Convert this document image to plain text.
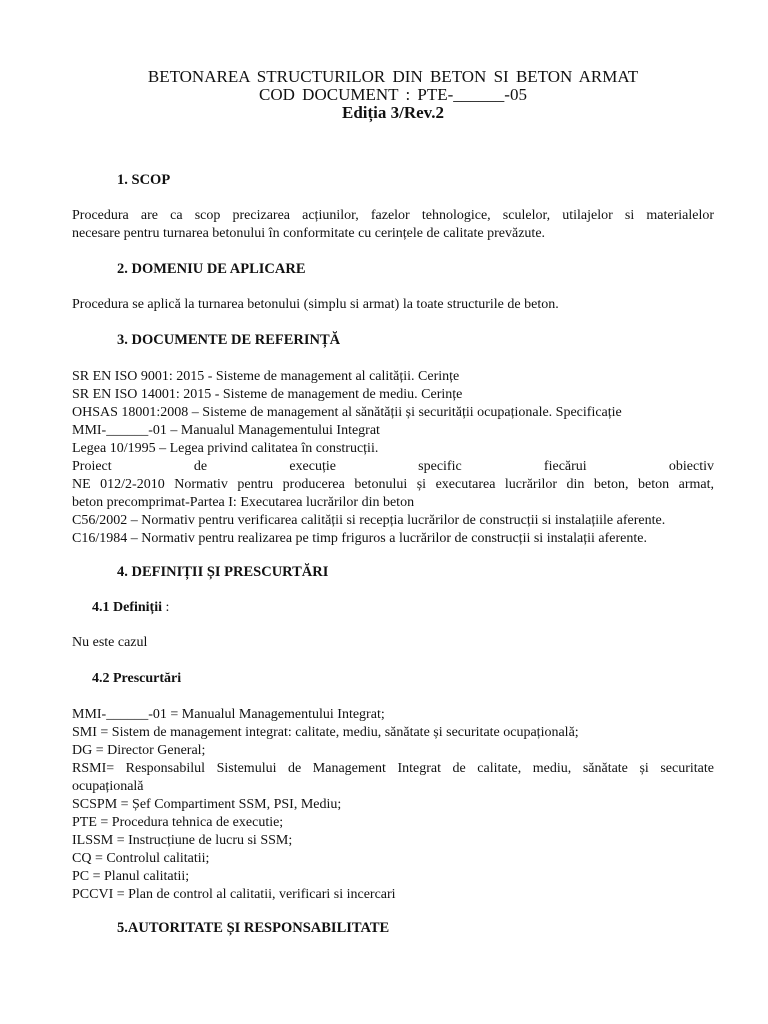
BETONAREA STRUCTURILOR DIN BETON SI BETON ARMAT

COD DOCUMENT : PTE-______-05

Ediția 3/Rev.2

1. SCOP

Procedura are ca scop precizarea acțiunilor, fazelor tehnologice, sculelor, utilajelor si materialelor

necesare pentru turnarea betonului în conformitate cu cerințele de calitate prevăzute.

2. DOMENIU DE APLICARE

Procedura se aplică la turnarea betonului (simplu si armat) la toate structurile de beton.

3. DOCUMENTE DE REFERINȚĂ

SR EN ISO 9001: 2015 - Sisteme de management al calității. Cerințe

SR EN ISO 14001: 2015 - Sisteme de management de mediu. Cerințe

OHSAS 18001:2008 – Sisteme de management al sănătății și securității ocupaționale. Specificație

MMI-______-01 – Manualul Managementului Integrat

Legea 10/1995 – Legea privind calitatea în construcții.

Proiect de execuție specific fiecărui obiectiv

NE 012/2-2010 Normativ pentru producerea betonului și executarea lucrărilor din beton, beton armat,

beton precomprimat-Partea I: Executarea lucrărilor din beton

C56/2002 – Normativ pentru verificarea calității si recepția lucrărilor de construcții si instalațiile aferente.

C16/1984 – Normativ pentru realizarea pe timp friguros a lucrărilor de construcții si instalații aferente.

4. DEFINIȚII ȘI PRESCURTĂRI

4.1 Definiții :

Nu este cazul

4.2 Prescurtări

MMI-______-01 = Manualul Managementului Integrat;

SMI = Sistem de management integrat: calitate, mediu, sănătate și securitate ocupațională;

DG = Director General;

RSMI= Responsabilul Sistemului de Management Integrat de calitate, mediu, sănătate și securitate

ocupațională

SCSPM = Șef Compartiment SSM, PSI, Mediu;

PTE = Procedura tehnica de executie;

ILSSM = Instrucțiune de lucru si SSM;

CQ = Controlul calitatii;

PC = Planul calitatii;

PCCVI = Plan de control al calitatii, verificari si incercari

5.AUTORITATE ȘI RESPONSABILITATE
